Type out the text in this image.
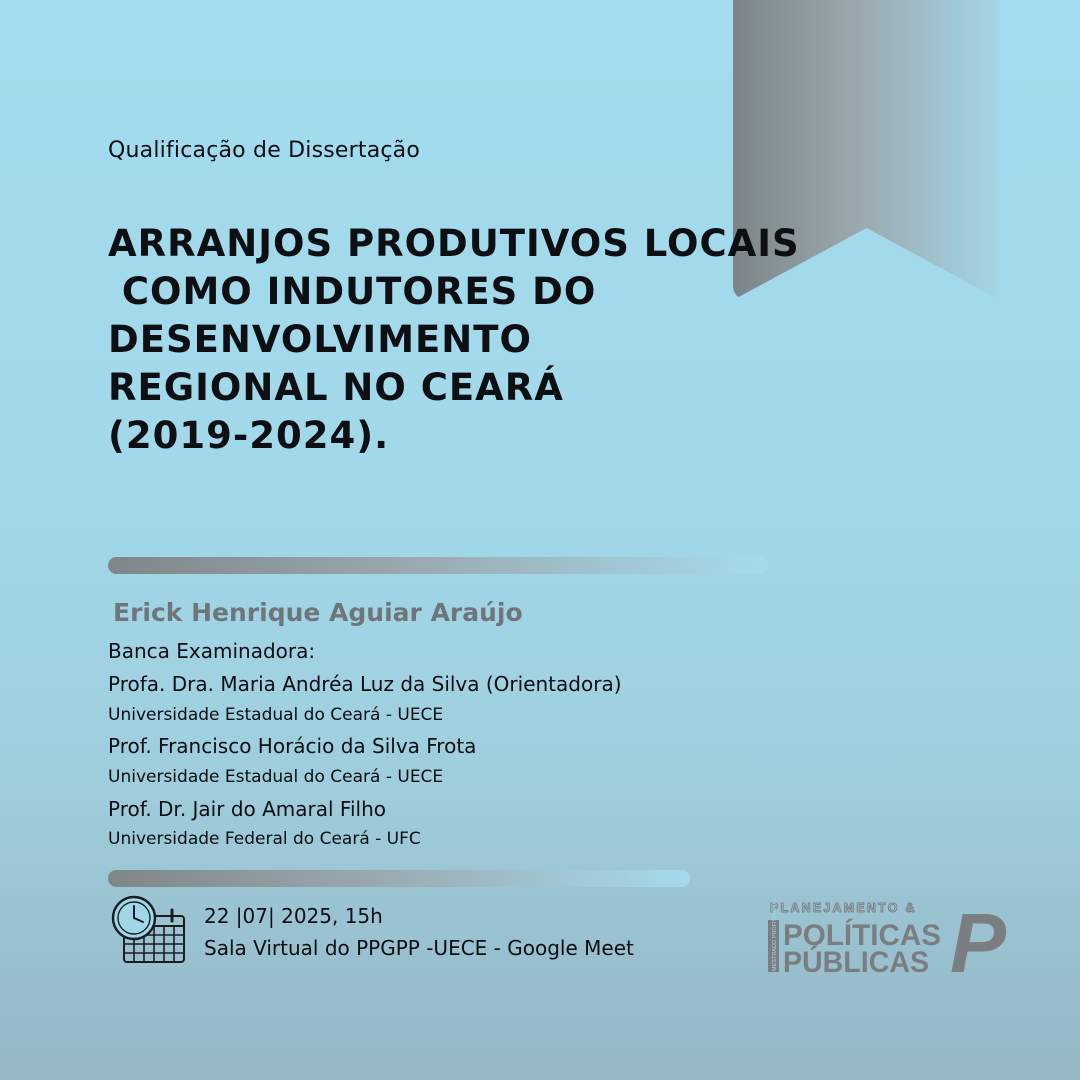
Qualificação de Dissertação
ARRANJOS PRODUTIVOS LOCAIS
COMO INDUTORES DO
DESENVOLVIMENTO
REGIONAL NO CEARÁ
(2019-2024).
Erick Henrique Aguiar Araújo
Banca Examinadora:
Profa. Dra. Maria Andréa Luz da Silva (Orientadora)
Universidade Estadual do Ceará - UECE
Prof. Francisco Horácio da Silva Frota
Universidade Estadual do Ceará - UECE
Prof. Dr. Jair do Amaral Filho
Universidade Federal do Ceará - UFC
22 |07| 2025, 15h
Sala Virtual do PPGPP -UECE - Google Meet
PLANEJAMENTO &
MESTRADO PROFISSIONAL POLÍTICAS
PÚBLICAS P
